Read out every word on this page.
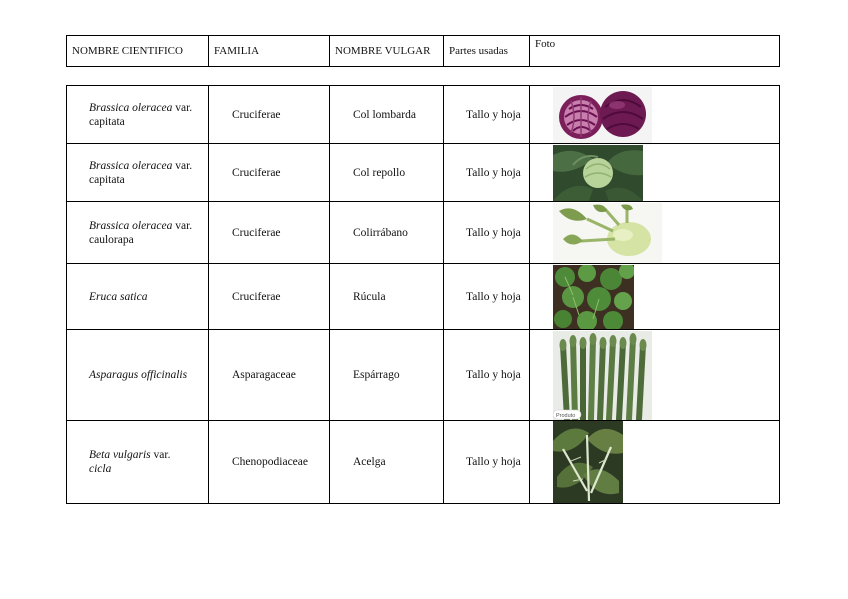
NOMBRE CIENTIFICO	FAMILIA	NOMBRE VULGAR	Partes usadas	Foto
Brassica oleracea var.
capitata	Cruciferae	Col lombarda	Tallo y hoja	

Brassica oleracea var.
capitata	Cruciferae	Col repollo	Tallo y hoja	

Brassica oleracea var.
caulorapa	Cruciferae	Colirrábano	Tallo y hoja	

Eruca satica	Cruciferae	Rúcula	Tallo y hoja	

Asparagus officinalis	Asparagaceae	Espárrago	Tallo y hoja	Produto

Beta vulgaris var.
cicla	Chenopodiaceae	Acelga	Tallo y hoja	
